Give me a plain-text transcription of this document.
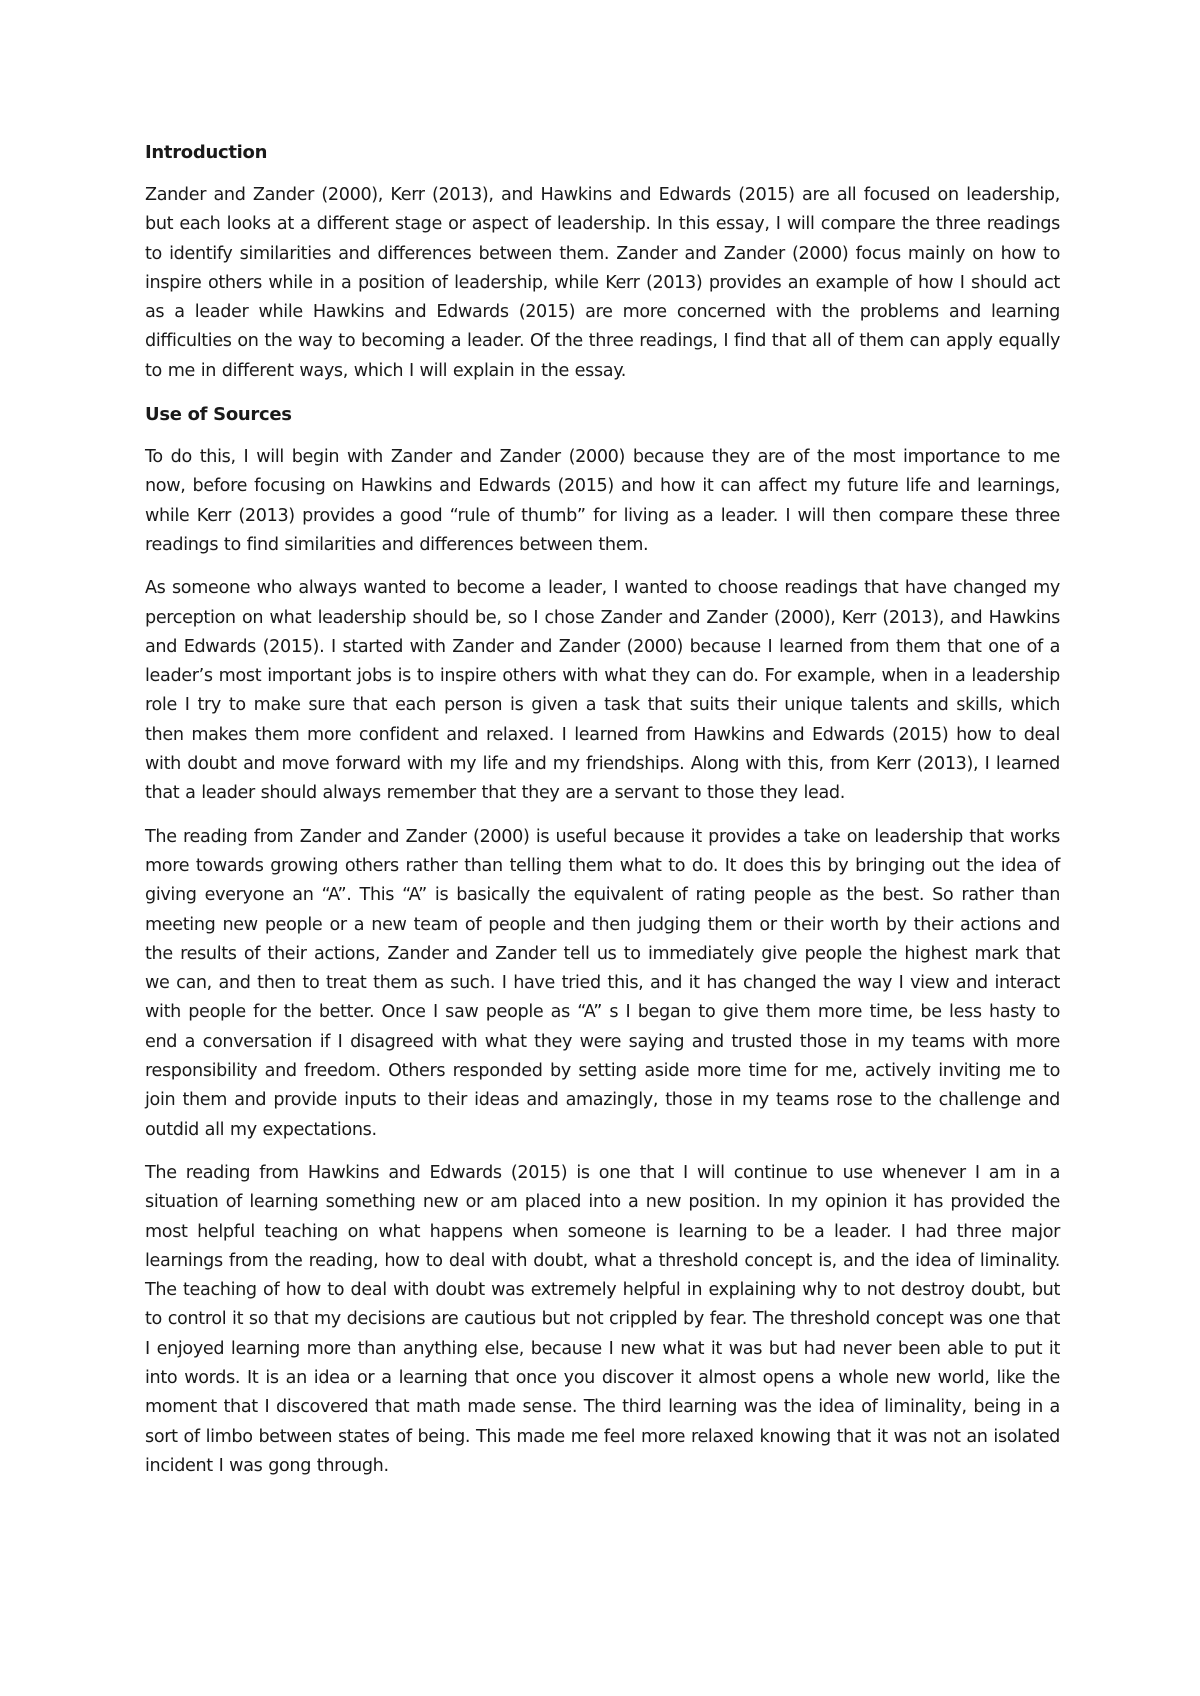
Introduction

Zander and Zander (2000), Kerr (2013), and Hawkins and Edwards (2015) are all focused on leadership, but each looks at a different stage or aspect of leadership. In this essay, I will compare the three readings to identify similarities and differences between them. Zander and Zander (2000) focus mainly on how to inspire others while in a position of leadership, while Kerr (2013) provides an example of how I should act as a leader while Hawkins and Edwards (2015) are more concerned with the problems and learning difficulties on the way to becoming a leader. Of the three readings, I find that all of them can apply equally to me in different ways, which I will explain in the essay.

Use of Sources

To do this, I will begin with Zander and Zander (2000) because they are of the most importance to me now, before focusing on Hawkins and Edwards (2015) and how it can affect my future life and learnings, while Kerr (2013) provides a good “rule of thumb” for living as a leader. I will then compare these three readings to find similarities and differences between them.

As someone who always wanted to become a leader, I wanted to choose readings that have changed my perception on what leadership should be, so I chose Zander and Zander (2000), Kerr (2013), and Hawkins and Edwards (2015). I started with Zander and Zander (2000) because I learned from them that one of a leader’s most important jobs is to inspire others with what they can do. For example, when in a leadership role I try to make sure that each person is given a task that suits their unique talents and skills, which then makes them more confident and relaxed. I learned from Hawkins and Edwards (2015) how to deal with doubt and move forward with my life and my friendships. Along with this, from Kerr (2013), I learned that a leader should always remember that they are a servant to those they lead.

The reading from Zander and Zander (2000) is useful because it provides a take on leadership that works more towards growing others rather than telling them what to do. It does this by bringing out the idea of giving everyone an “A”. This “A” is basically the equivalent of rating people as the best. So rather than meeting new people or a new team of people and then judging them or their worth by their actions and the results of their actions, Zander and Zander tell us to immediately give people the highest mark that we can, and then to treat them as such. I have tried this, and it has changed the way I view and interact with people for the better. Once I saw people as “A” s I began to give them more time, be less hasty to end a conversation if I disagreed with what they were saying and trusted those in my teams with more responsibility and freedom. Others responded by setting aside more time for me, actively inviting me to join them and provide inputs to their ideas and amazingly, those in my teams rose to the challenge and outdid all my expectations.

The reading from Hawkins and Edwards (2015) is one that I will continue to use whenever I am in a situation of learning something new or am placed into a new position. In my opinion it has provided the most helpful teaching on what happens when someone is learning to be a leader. I had three major learnings from the reading, how to deal with doubt, what a threshold concept is, and the idea of liminality. The teaching of how to deal with doubt was extremely helpful in explaining why to not destroy doubt, but to control it so that my decisions are cautious but not crippled by fear. The threshold concept was one that I enjoyed learning more than anything else, because I new what it was but had never been able to put it into words. It is an idea or a learning that once you discover it almost opens a whole new world, like the moment that I discovered that math made sense. The third learning was the idea of liminality, being in a sort of limbo between states of being. This made me feel more relaxed knowing that it was not an isolated incident I was gong through.
